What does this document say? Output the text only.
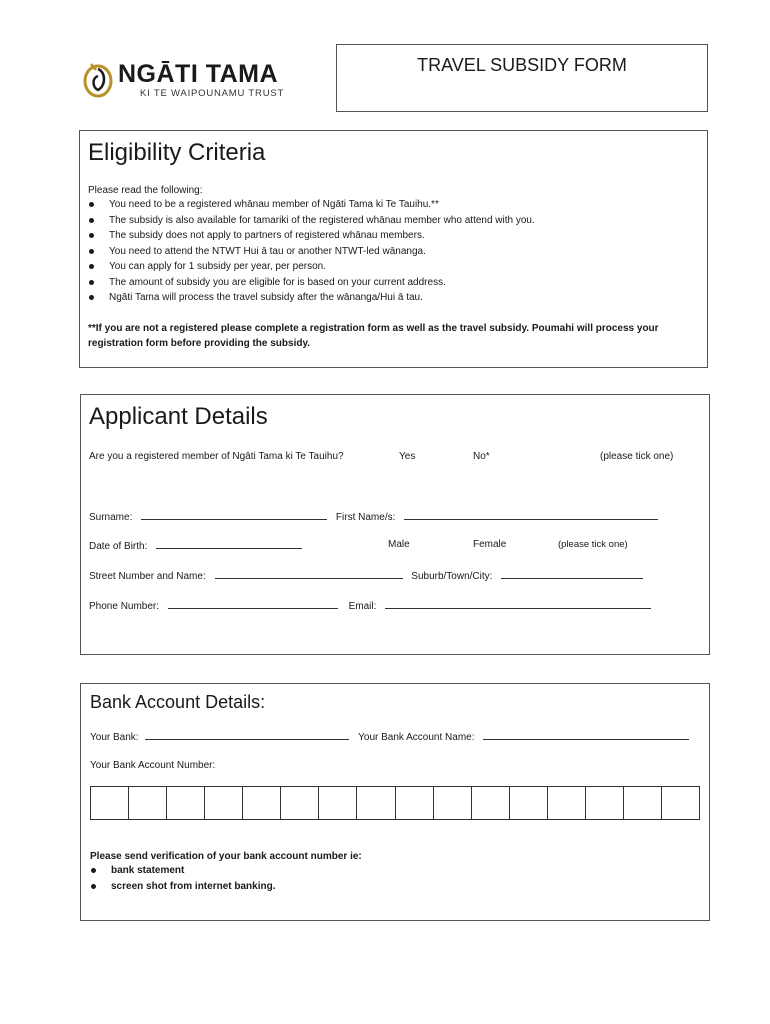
NGĀTI TAMA
KI TE WAIPOUNAMU TRUST
TRAVEL SUBSIDY FORM
Eligibility Criteria
Please read the following:
You need to be a registered whānau member of Ngāti Tama ki Te Tauihu.**
The subsidy is also available for tamariki of the registered whānau member who attend with you.
The subsidy does not apply to partners of registered whānau members.
You need to attend the NTWT Hui ā tau or another NTWT-led wānanga.
You can apply for 1 subsidy per year, per person.
The amount of subsidy you are eligible for is based on your current address.
Ngāti Tama will process the travel subsidy after the wānanga/Hui ā tau.
**If you are not a registered please complete a registration form as well as the travel subsidy. Poumahi will process your
registration form before providing the subsidy.
Applicant Details
Are you a registered member of Ngāti Tama ki Te Tauihu?	Yes	No*	(please tick one)
Surname:	First Name/s:
Date of Birth:	Male	Female	(please tick one)
Street Number and Name:	Suburb/Town/City:
Phone Number:	Email:
Bank Account Details:
Your Bank:	Your Bank Account Name:
Your Bank Account Number:
Please send verification of your bank account number ie:
bank statement
screen shot from internet banking.
